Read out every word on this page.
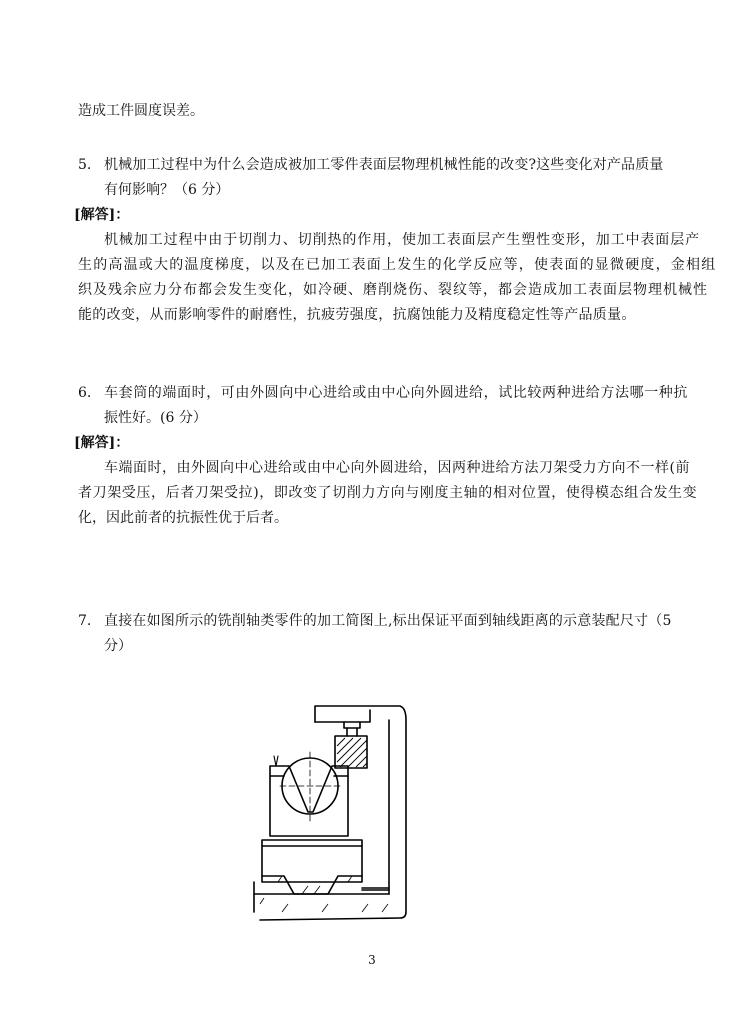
造成工件圆度误差。
5. 机械加工过程中为什么会造成被加工零件表面层物理机械性能的改变?这些变化对产品质量
有何影响？（6 分）
[解答]：
机械加工过程中由于切削力、切削热的作用，使加工表面层产生塑性变形，加工中表面层产
生的高温或大的温度梯度，以及在已加工表面上发生的化学反应等，使表面的显微硬度，金相组
织及残余应力分布都会发生变化，如冷硬、磨削烧伤、裂纹等，都会造成加工表面层物理机械性
能的改变，从而影响零件的耐磨性，抗疲劳强度，抗腐蚀能力及精度稳定性等产品质量。
6. 车套筒的端面时，可由外圆向中心进给或由中心向外圆进给，试比较两种进给方法哪一种抗
振性好。(6 分）
[解答]：
车端面时，由外圆向中心进给或由中心向外圆进给，因两种进给方法刀架受力方向不一样(前
者刀架受压，后者刀架受拉)，即改变了切削力方向与刚度主轴的相对位置，使得模态组合发生变
化，因此前者的抗振性优于后者。
7. 直接在如图所示的铣削轴类零件的加工简图上,标出保证平面到轴线距离的示意装配尺寸（5
分）
3
